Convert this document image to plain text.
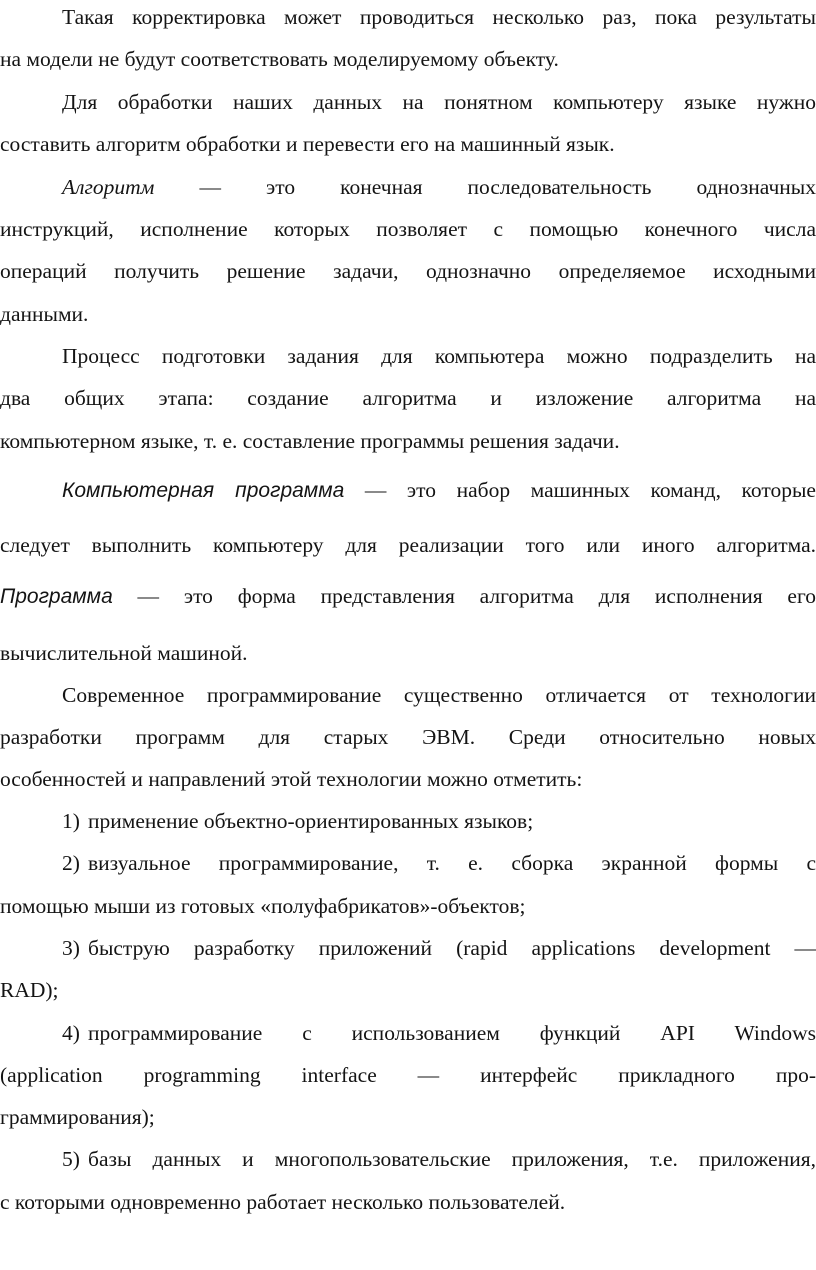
Такая корректировка может проводиться несколько раз, пока результаты
на модели не будут соответствовать моделируемому объекту.
Для обработки наших данных на понятном компьютеру языке нужно
составить алгоритм обработки и перевести его на машинный язык.
Алгоритм — это конечная последовательность однозначных
инструкций, исполнение которых позволяет с помощью конечного числа
операций получить решение задачи, однозначно определяемое исходными
данными.
Процесс подготовки задания для компьютера можно подразделить на
два общих этапа: создание алгоритма и изложение алгоритма на
компьютерном языке, т. е. составление программы решения задачи.
Компьютерная программа — это набор машинных команд, которые
следует выполнить компьютеру для реализации того или иного алгоритма.
Программа — это форма представления алгоритма для исполнения его
вычислительной машиной.
Современное программирование существенно отличается от технологии
разработки программ для старых ЭВМ. Среди относительно новых
особенностей и направлений этой технологии можно отметить:
1) применение объектно-ориентированных языков;
2) визуальное программирование, т. е. сборка экранной формы с
помощью мыши из готовых «полуфабрикатов»-объектов;
3) быструю разработку приложений (rapid applications development —
RAD);
4) программирование с использованием функций API Windows
(application programming interface — интерфейс прикладного про-
граммирования);
5) базы данных и многопользовательские приложения, т.е. приложения,
с которыми одновременно работает несколько пользователей.
